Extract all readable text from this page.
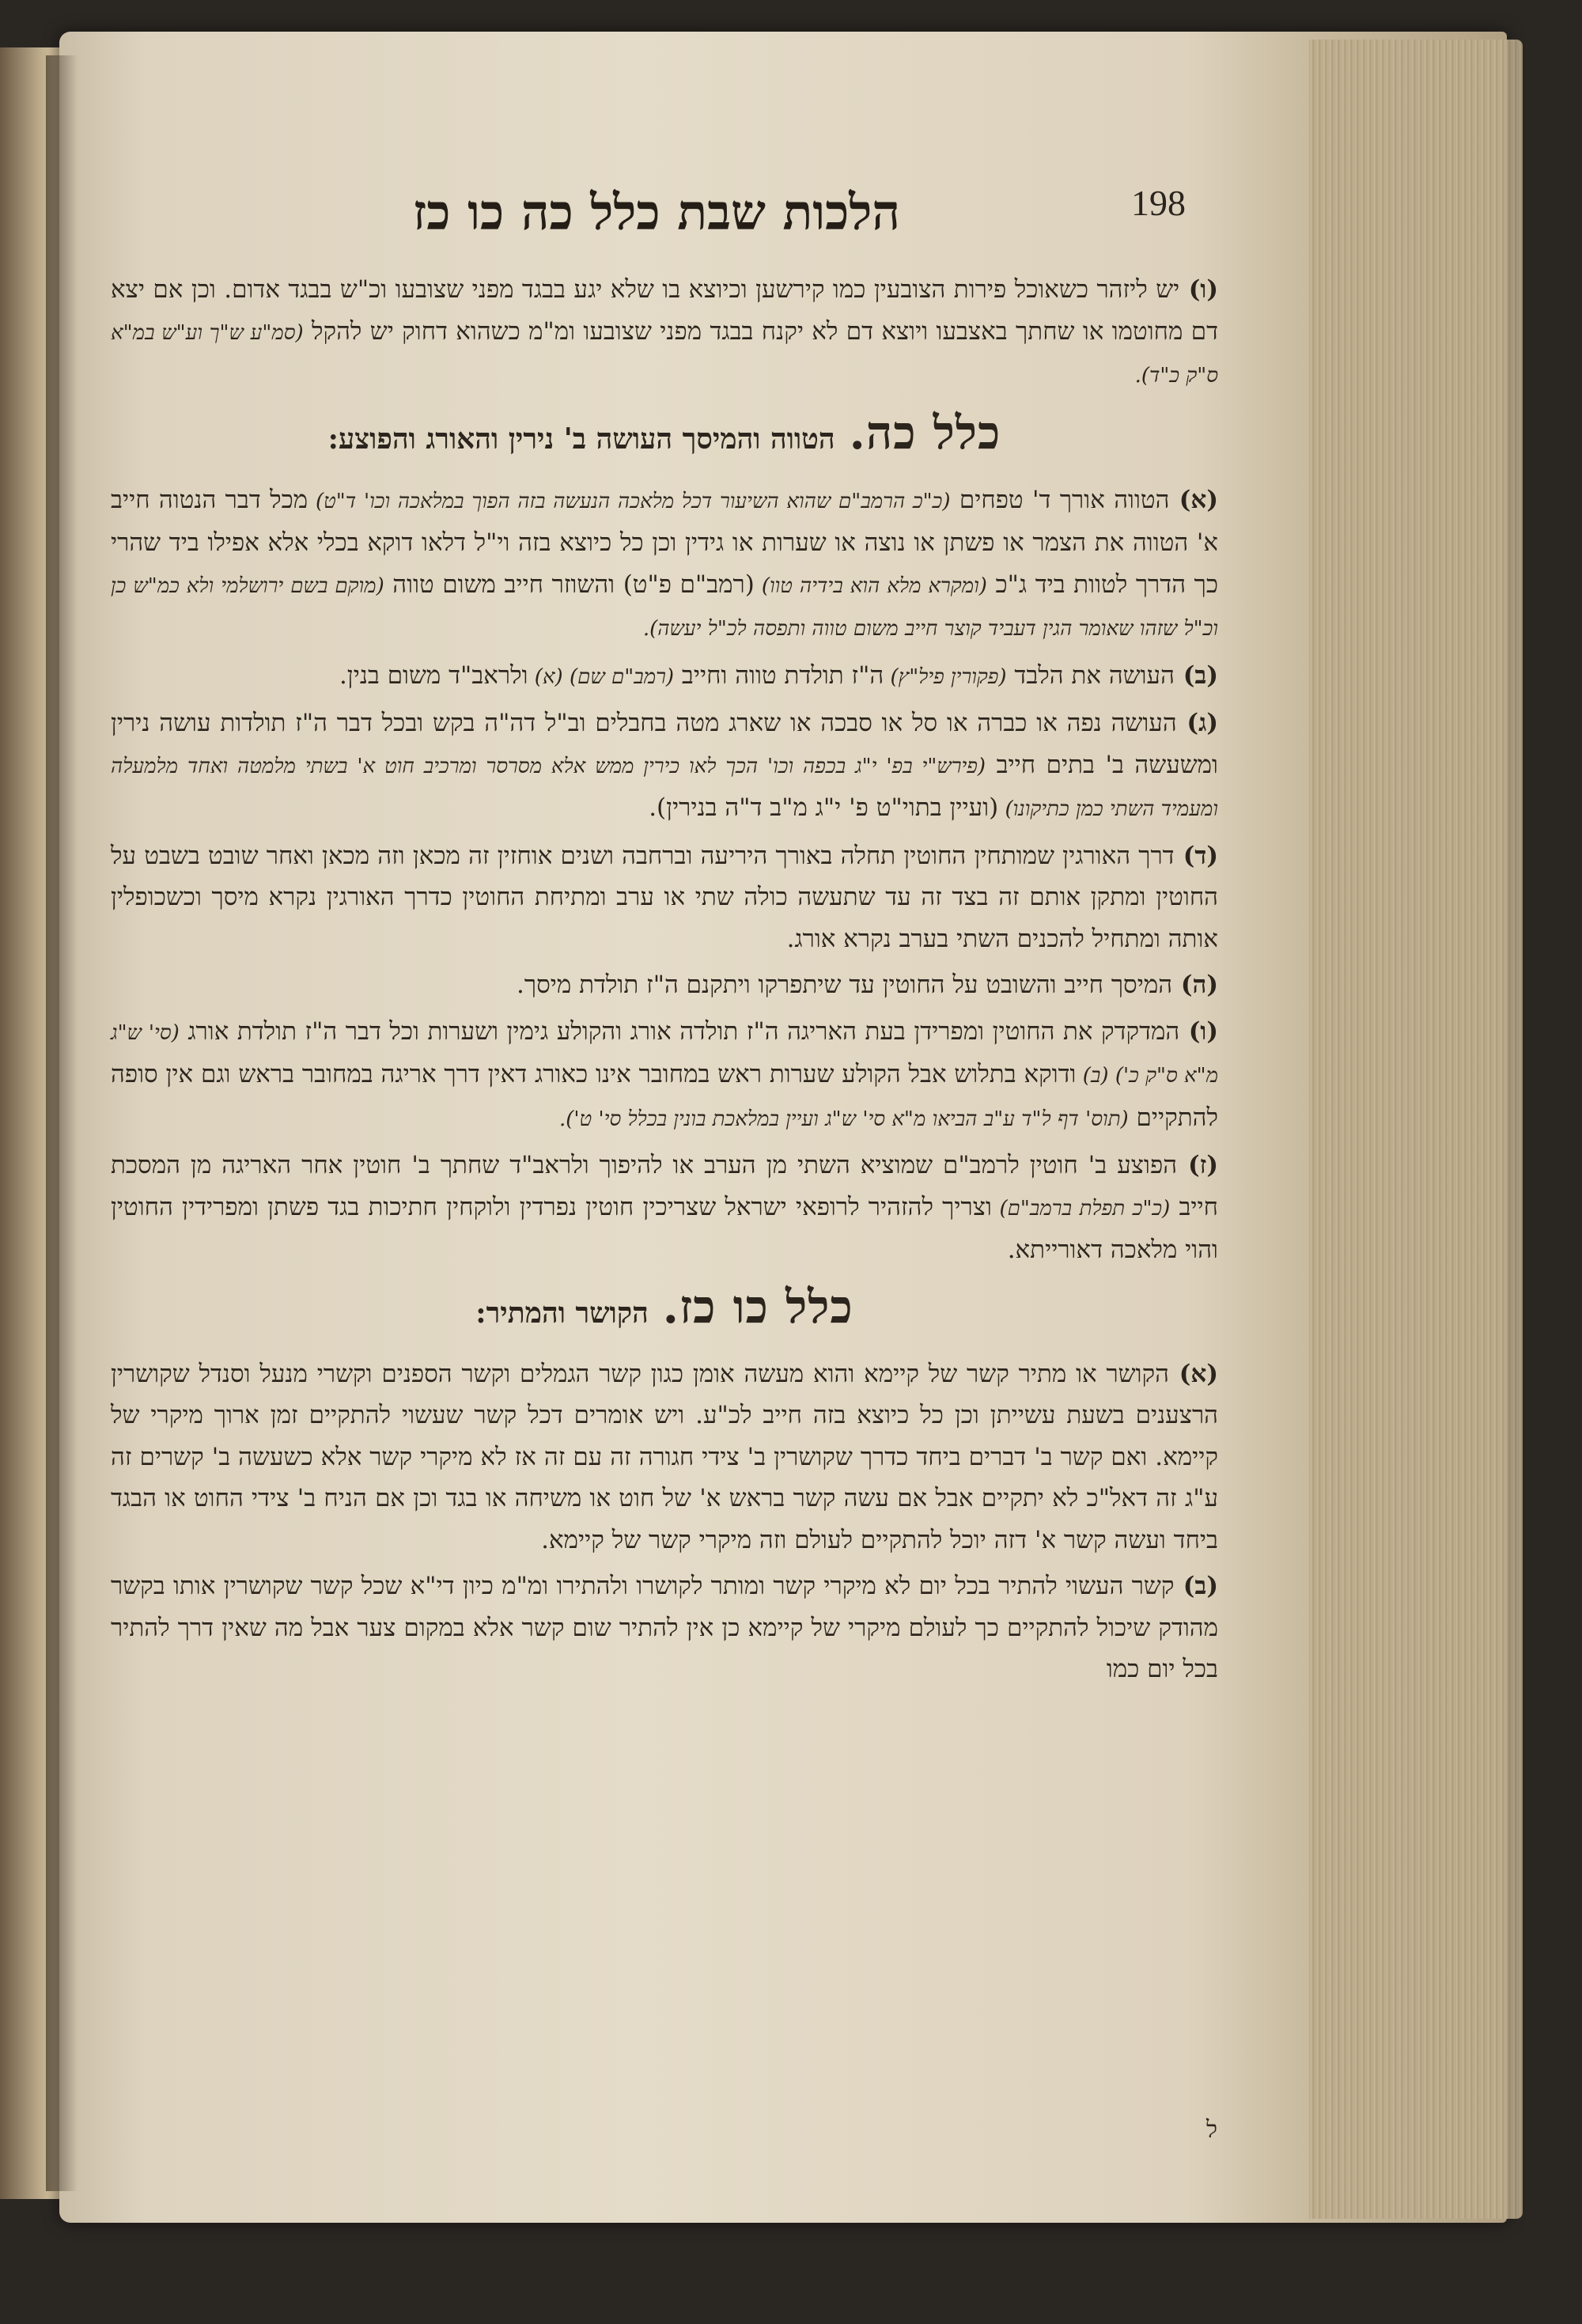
198
הלכות שבת כלל כה כו כז

(ו) יש ליזהר כשאוכל פירות הצובעין כמו קירשען וכיוצא בו שלא יגע בבגד מפני שצובעו וכ"ש בבגד אדום. וכן אם יצא דם מחוטמו או שחתך באצבעו ויוצא דם לא יקנח בבגד מפני שצובעו ומ"מ כשהוא דחוק יש להקל (סמ"ע ש"ך וע"ש במ"א ס"ק כ"ד).

כלל כה.הטווה והמיסך העושה ב' נירין והאורג והפוצע:

(א) הטווה אורך ד' טפחים (כ"כ הרמב"ם שהוא השיעור דכל מלאכה הנעשה בזה הפוך במלאכה וכו' ד"ט) מכל דבר הנטוה חייב א' הטווה את הצמר או פשתן או נוצה או שערות או גידין וכן כל כיוצא בזה וי"ל דלאו דוקא בכלי אלא אפילו ביד שהרי כך הדרך לטוות ביד ג"כ (ומקרא מלא הוא בידיה טוו) (רמב"ם פ"ט) והשוזר חייב משום טווה (מוקם בשם ירושלמי ולא כמ"ש כן וכ"ל שזהו שאומר הגין דעביד קוצר חייב משום טווה ותפסה לכ"ל יעשה).

(ב) העושה את הלבד (פקורין פיל"ץ) ה"ז תולדת טווה וחייב (רמב"ם שם) (א) ולראב"ד משום בנין.

(ג) העושה נפה או כברה או סל או סבכה או שארג מטה בחבלים וב"ל דה"ה בקש ובכל דבר ה"ז תולדות עושה נירין ומשעשה ב' בתים חייב (פירש"י בפ' י"ג בכפה וכו' הכך לאו כירין ממש אלא מסרסר ומרכיב חוט א' בשתי מלמטה ואחד מלמעלה ומעמיד השתי כמן כתיקונו) (ועיין בתוי"ט פ' י"ג מ"ב ד"ה בנירין).

(ד) דרך האורגין שמותחין החוטין תחלה באורך היריעה וברחבה ושנים אוחזין זה מכאן וזה מכאן ואחר שובט בשבט על החוטין ומתקן אותם זה בצד זה עד שתעשה כולה שתי או ערב ומתיחת החוטין כדרך האורגין נקרא מיסך וכשכופלין אותה ומתחיל להכנים השתי בערב נקרא אורג.

(ה) המיסך חייב והשובט על החוטין עד שיתפרקו ויתקנם ה"ז תולדת מיסך.

(ו) המדקדק את החוטין ומפרידן בעת האריגה ה"ז תולדה אורג והקולע גימין ושערות וכל דבר ה"ז תולדת אורג (סי' ש"ג מ"א ס"ק כ') (ב) ודוקא בתלוש אבל הקולע שערות ראש במחובר אינו כאורג דאין דרך אריגה במחובר בראש וגם אין סופה להתקיים (תוס' דף ל"ד ע"ב הביאו מ"א סי' ש"ג ועיין במלאכת בונין בכלל סי' ט').

(ז) הפוצע ב' חוטין לרמב"ם שמוציא השתי מן הערב או להיפוך ולראב"ד שחתך ב' חוטין אחר האריגה מן המסכת חייב (כ"כ תפלת ברמב"ם) וצריך להזהיר לרופאי ישראל שצריכין חוטין נפרדין ולוקחין חתיכות בגד פשתן ומפרידין החוטין והוי מלאכה דאורייתא.

כלל כו כז.הקושר והמתיר:

(א) הקושר או מתיר קשר של קיימא והוא מעשה אומן כגון קשר הגמלים וקשר הספנים וקשרי מנעל וסנדל שקושרין הרצענים בשעת עשייתן וכן כל כיוצא בזה חייב לכ"ע. ויש אומרים דכל קשר שעשוי להתקיים זמן ארוך מיקרי של קיימא. ואם קשר ב' דברים ביחד כדרך שקושרין ב' צידי חגורה זה עם זה אז לא מיקרי קשר אלא כשעשה ב' קשרים זה ע"ג זה דאל"כ לא יתקיים אבל אם עשה קשר בראש א' של חוט או משיחה או בגד וכן אם הניח ב' צידי החוט או הבגד ביחד ועשה קשר א' דזה יוכל להתקיים לעולם וזה מיקרי קשר של קיימא.

(ב) קשר העשוי להתיר בכל יום לא מיקרי קשר ומותר לקושרו ולהתירו ומ"מ כיון די"א שכל קשר שקושרין אותו בקשר מהודק שיכול להתקיים כך לעולם מיקרי של קיימא כן אין להתיר שום קשר אלא במקום צער אבל מה שאין דרך להתיר בכל יום כמו

ל
